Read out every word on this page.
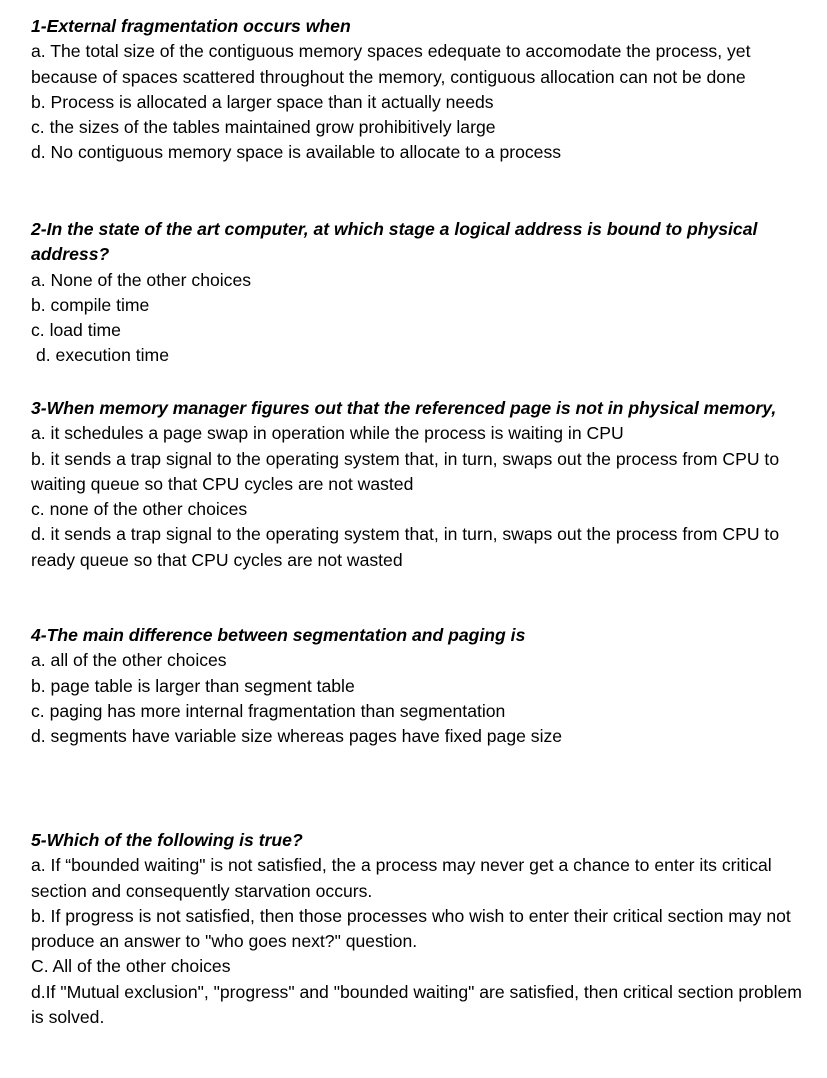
1-External fragmentation occurs when
a. The total size of the contiguous memory spaces edequate to accomodate the process, yet because of spaces scattered throughout the memory, contiguous allocation can not be done
b. Process is allocated a larger space than it actually needs
c. the sizes of the tables maintained grow prohibitively large
d. No contiguous memory space is available to allocate to a process
2-In the state of the art computer, at which stage a logical address is bound to physical address?
a. None of the other choices
b. compile time
c. load time
d. execution time
3-When memory manager figures out that the referenced page is not in physical memory,
a. it schedules a page swap in operation while the process is waiting in CPU
b. it sends a trap signal to the operating system that, in turn, swaps out the process from CPU to waiting queue so that CPU cycles are not wasted
c. none of the other choices
d. it sends a trap signal to the operating system that, in turn, swaps out the process from CPU to ready queue so that CPU cycles are not wasted
4-The main difference between segmentation and paging is
a. all of the other choices
b. page table is larger than segment table
c. paging has more internal fragmentation than segmentation
d. segments have variable size whereas pages have fixed page size
5-Which of the following is true?
a. If “bounded waiting" is not satisfied, the a process may never get a chance to enter its critical section and consequently starvation occurs.
b. If progress is not satisfied, then those processes who wish to enter their critical section may not produce an answer to "who goes next?" question.
C. All of the other choices
d.If "Mutual exclusion", "progress" and "bounded waiting" are satisfied, then critical section problem is solved.
